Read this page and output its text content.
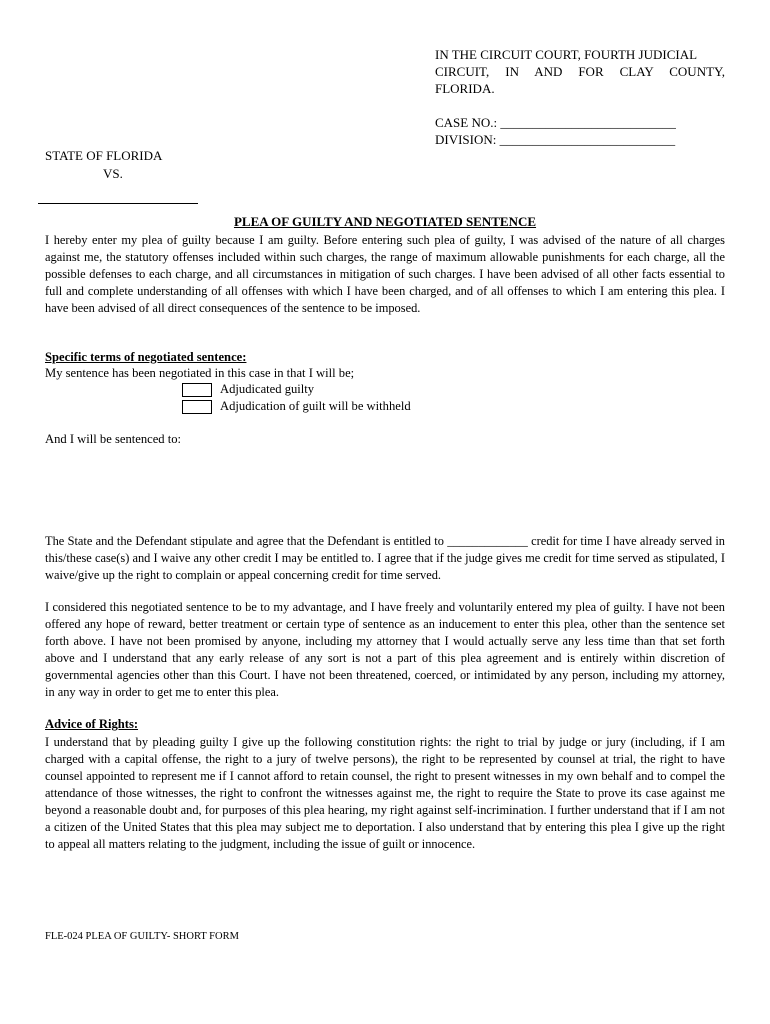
IN THE CIRCUIT COURT, FOURTH JUDICIAL
CIRCUIT, IN AND FOR CLAY COUNTY,
FLORIDA.
CASE NO.: ___________________________
DIVISION: ___________________________
STATE OF FLORIDA
VS.
PLEA OF GUILTY AND NEGOTIATED SENTENCE
I hereby enter my plea of guilty because I am guilty. Before entering such plea of guilty, I was advised of the nature of all charges against me, the statutory offenses included within such charges, the range of maximum allowable punishments for each charge, all the possible defenses to each charge, and all circumstances in mitigation of such charges. I have been advised of all other facts essential to full and complete understanding of all offenses with which I have been charged, and of all offenses to which I am entering this plea. I have been advised of all direct consequences of the sentence to be imposed.
Specific terms of negotiated sentence:
My sentence has been negotiated in this case in that I will be;
Adjudicated guilty
Adjudication of guilt will be withheld
And I will be sentenced to:
The State and the Defendant stipulate and agree that the Defendant is entitled to _____________ credit for time I have already served in this/these case(s) and I waive any other credit I may be entitled to. I agree that if the judge gives me credit for time served as stipulated, I waive/give up the right to complain or appeal concerning credit for time served.
I considered this negotiated sentence to be to my advantage, and I have freely and voluntarily entered my plea of guilty. I have not been offered any hope of reward, better treatment or certain type of sentence as an inducement to enter this plea, other than the sentence set forth above. I have not been promised by anyone, including my attorney that I would actually serve any less time than that set forth above and I understand that any early release of any sort is not a part of this plea agreement and is entirely within discretion of governmental agencies other than this Court. I have not been threatened, coerced, or intimidated by any person, including my attorney, in any way in order to get me to enter this plea.
Advice of Rights:
I understand that by pleading guilty I give up the following constitution rights: the right to trial by judge or jury (including, if I am charged with a capital offense, the right to a jury of twelve persons), the right to be represented by counsel at trial, the right to have counsel appointed to represent me if I cannot afford to retain counsel, the right to present witnesses in my own behalf and to compel the attendance of those witnesses, the right to confront the witnesses against me, the right to require the State to prove its case against me beyond a reasonable doubt and, for purposes of this plea hearing, my right against self-incrimination. I further understand that if I am not a citizen of the United States that this plea may subject me to deportation. I also understand that by entering this plea I give up the right to appeal all matters relating to the judgment, including the issue of guilt or innocence.
FLE-024 PLEA OF GUILTY- SHORT FORM
